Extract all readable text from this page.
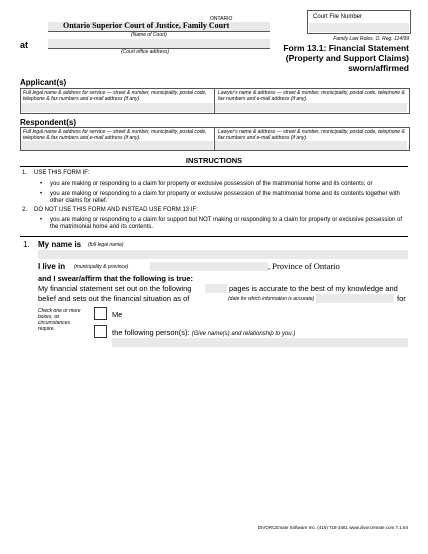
ONTARIO
Ontario Superior Court of Justice, Family Court
(Name of Court)
at
(Court office address)
Court File Number
Family Law Rules, O. Reg. 114/99
Form 13.1: Financial Statement
(Property and Support Claims)
sworn/affirmed
Applicant(s)
Full legal name & address for service — street & number, municipality, postal code, telephone & fax numbers and e-mail address (if any).
Lawyer's name & address — street & number, municipality, postal code, telephone & fax numbers and e-mail address (if any).
Respondent(s)
Full legal name & address for service — street & number, municipality, postal code, telephone & fax numbers and e-mail address (if any).
Lawyer's name & address — street & number, municipality, postal code, telephone & fax numbers and e-mail address (if any).
INSTRUCTIONS
1. USE THIS FORM IF:
• you are making or responding to a claim for property or exclusive possession of the matrimonial home and its contents; or
• you are making or responding to a claim for property or exclusive possession of the matrimonial home and its contents together with other claims for relief.
2. DO NOT USE THIS FORM AND INSTEAD USE FORM 13 IF:
• you are making or responding to a claim for support but NOT making or responding to a claim for property or exclusive possession of the matrimonial home and its contents.
1. My name is (full legal name)
I live in (municipality & province)	, Province of Ontario
and I swear/affirm that the following is true:
My financial statement set out on the following	pages is accurate to the best of my knowledge and
belief and sets out the financial situation as of	(date for which information is accurate)	for
Check one or more boxes, as circumstances require.
Me
the following person(s): (Give name(s) and relationship to you.)
DIVORCEmate Software Inc. (416) 718-3461 www.divorcemate.com 7.1.64
